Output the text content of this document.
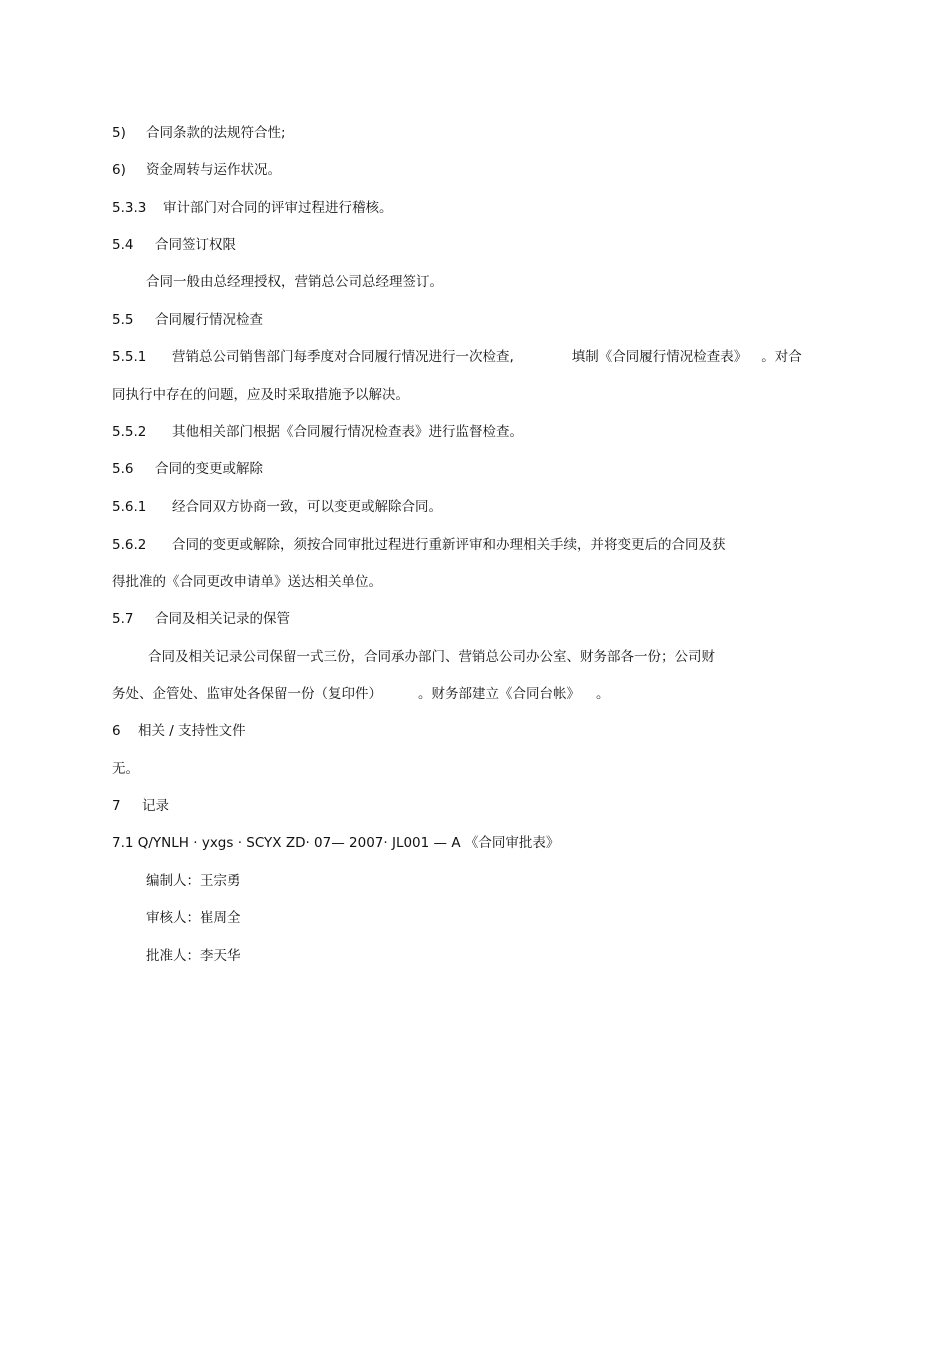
5) 合同条款的法规符合性;
6) 资金周转与运作状况。
5.3.3 审计部门对合同的评审过程进行稽核。
5.4 合同签订权限
合同一般由总经理授权，营销总公司总经理签订。
5.5 合同履行情况检查
5.5.1 营销总公司销售部门每季度对合同履行情况进行一次检查,	填制《合同履行情况检查表》 。对合
同执行中存在的问题，应及时采取措施予以解决。
5.5.2 其他相关部门根据《合同履行情况检查表》进行监督检查。
5.6 合同的变更或解除
5.6.1 经合同双方协商一致，可以变更或解除合同。
5.6.2 合同的变更或解除，须按合同审批过程进行重新评审和办理相关手续，并将变更后的合同及获
得批准的《合同更改申请单》送达相关单位。
5.7 合同及相关记录的保管
合同及相关记录公司保留一式三份，合同承办部门、营销总公司办公室、财务部各一份；公司财
务处、企管处、监审处各保留一份（复印件）	。财务部建立《合同台帐》 。
6 相关 / 支持性文件
无。
7 记录
7.1 Q/YNLH · yxgs · SCYX ZD· 07— 2007· JL001 — A 《合同审批表》
编制人：王宗勇
审核人：崔周全
批准人：李天华
